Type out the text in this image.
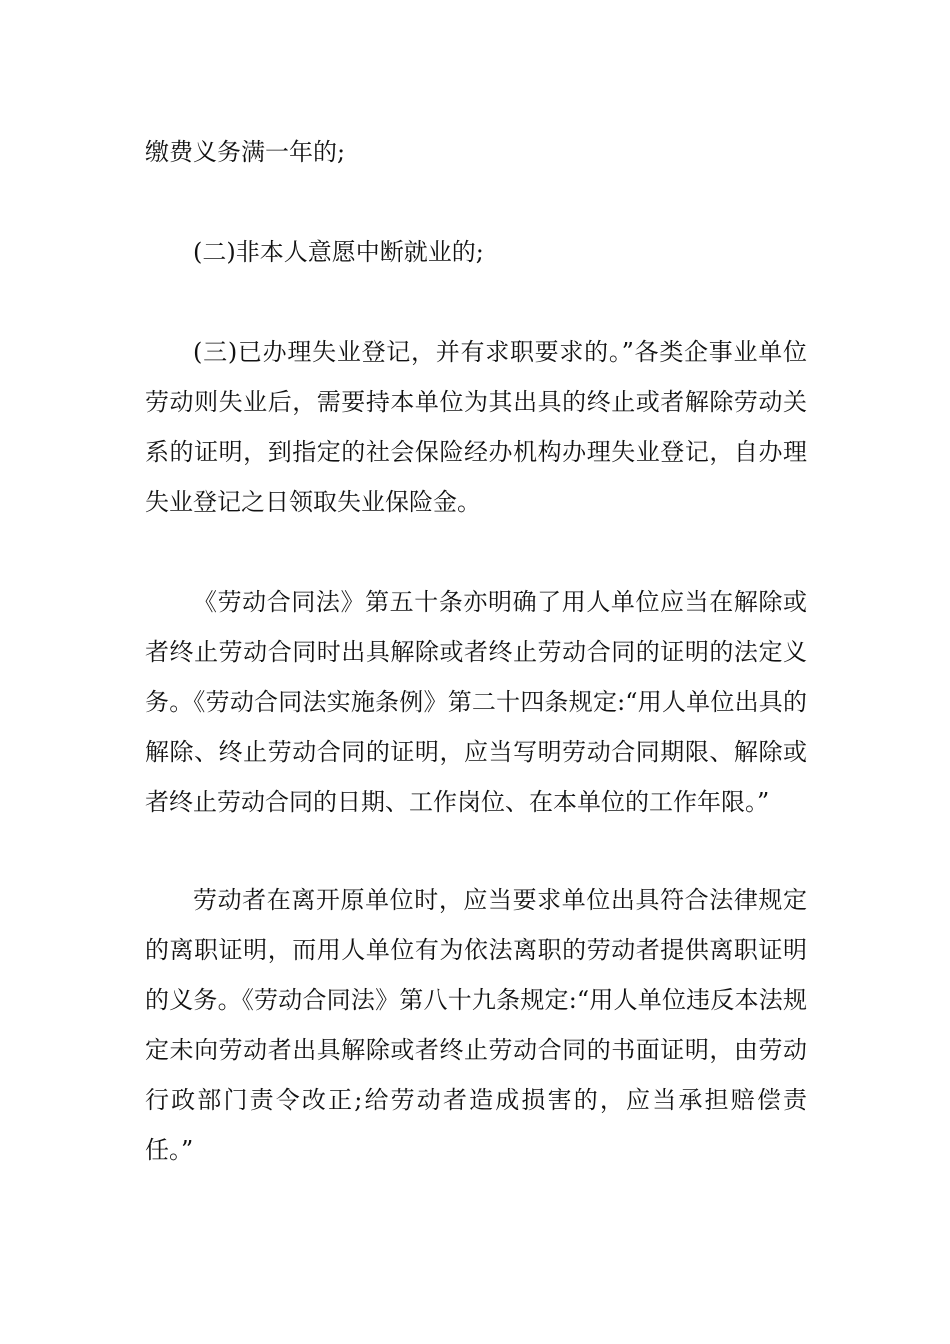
缴费义务满一年的;
(二)非本人意愿中断就业的;
(三)已办理失业登记，并有求职要求的。”各类企事业单位
劳动则失业后，需要持本单位为其出具的终止或者解除劳动关
系的证明，到指定的社会保险经办机构办理失业登记，自办理
失业登记之日领取失业保险金。
《劳动合同法》第五十条亦明确了用人单位应当在解除或
者终止劳动合同时出具解除或者终止劳动合同的证明的法定义
务。《劳动合同法实施条例》第二十四条规定:“用人单位出具的
解除、终止劳动合同的证明，应当写明劳动合同期限、解除或
者终止劳动合同的日期、工作岗位、在本单位的工作年限。”
劳动者在离开原单位时，应当要求单位出具符合法律规定
的离职证明，而用人单位有为依法离职的劳动者提供离职证明
的义务。《劳动合同法》第八十九条规定:“用人单位违反本法规
定未向劳动者出具解除或者终止劳动合同的书面证明，由劳动
行政部门责令改正;给劳动者造成损害的，应当承担赔偿责
任。”
